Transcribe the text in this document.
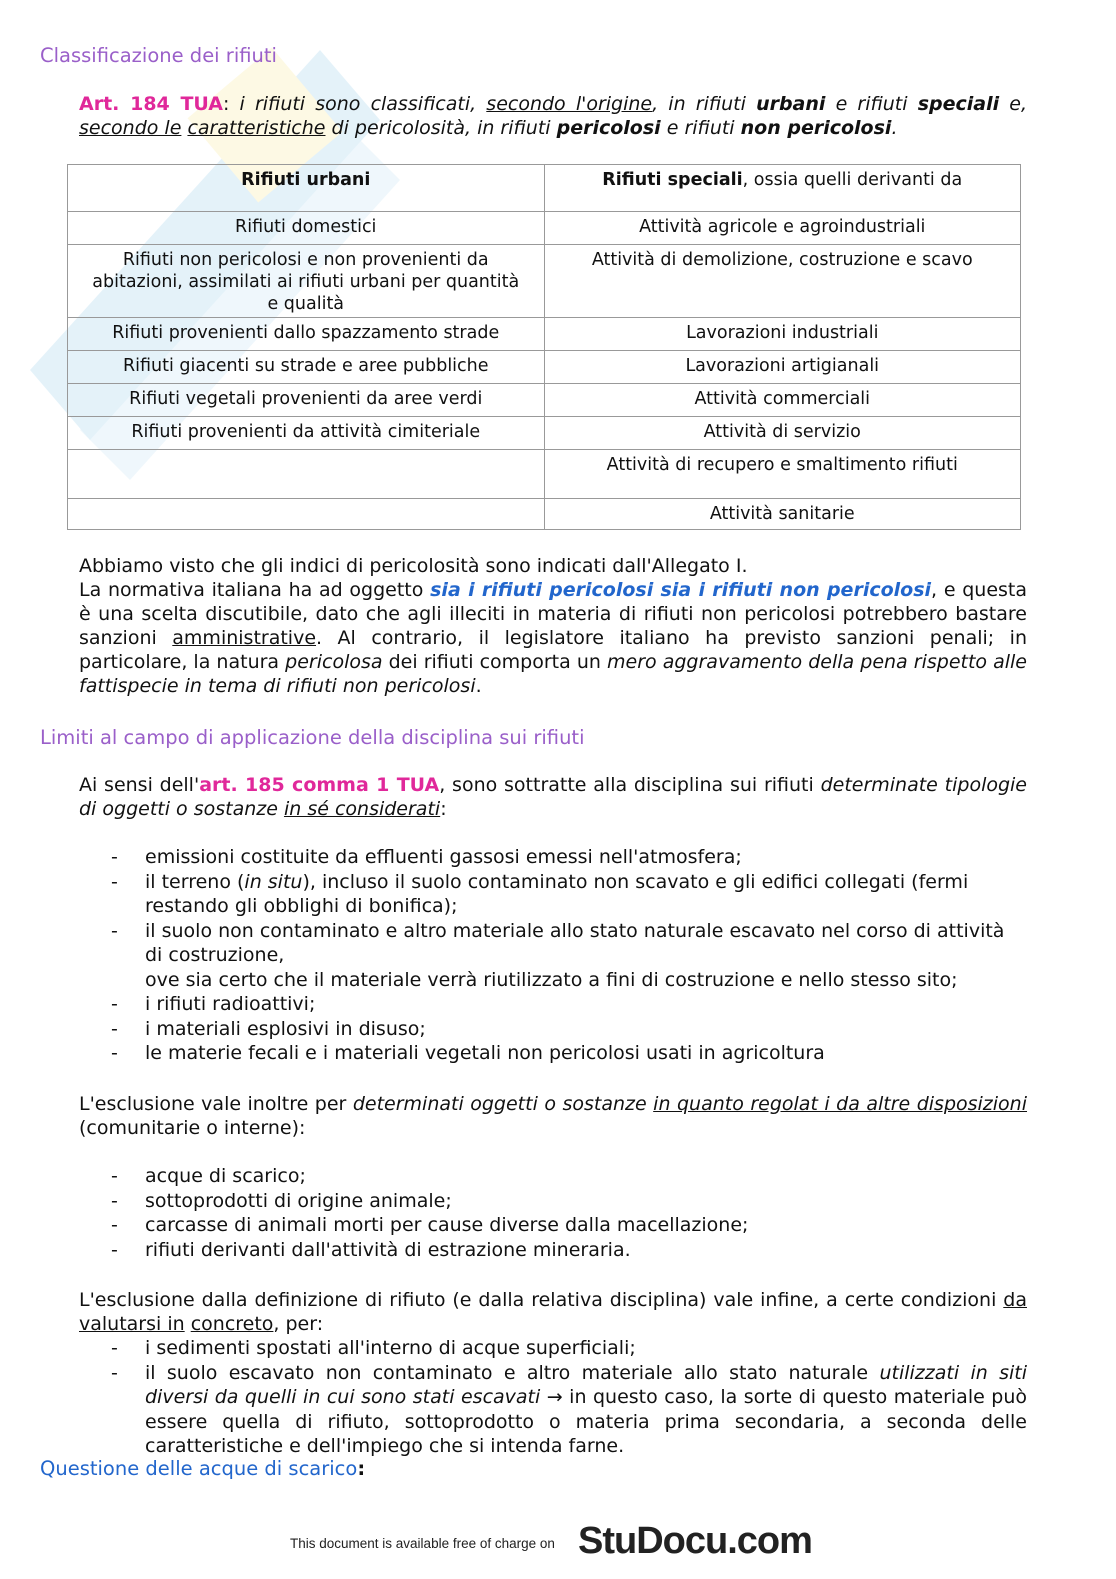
Classificazione dei rifiuti
Art. 184 TUA: i rifiuti sono classificati, secondo l'origine, in rifiuti urbani e rifiuti speciali e, secondo le caratteristiche di pericolosità, in rifiuti pericolosi e rifiuti non pericolosi.
Rifiuti urbani	Rifiuti speciali, ossia quelli derivanti da
Rifiuti domestici	Attività agricole e agroindustriali
Rifiuti non pericolosi e non provenienti da abitazioni, assimilati ai rifiuti urbani per quantità e qualità	Attività di demolizione, costruzione e scavo
Rifiuti provenienti dallo spazzamento strade	Lavorazioni industriali
Rifiuti giacenti su strade e aree pubbliche	Lavorazioni artigianali
Rifiuti vegetali provenienti da aree verdi	Attività commerciali
Rifiuti provenienti da attività cimiteriale	Attività di servizio
	Attività di recupero e smaltimento rifiuti
	Attività sanitarie
Abbiamo visto che gli indici di pericolosità sono indicati dall'Allegato I.
La normativa italiana ha ad oggetto sia i rifiuti pericolosi sia i rifiuti non pericolosi, e questa è una scelta discutibile, dato che agli illeciti in materia di rifiuti non pericolosi potrebbero bastare sanzioni amministrative. Al contrario, il legislatore italiano ha previsto sanzioni penali; in particolare, la natura pericolosa dei rifiuti comporta un mero aggravamento della pena rispetto alle fattispecie in tema di rifiuti non pericolosi.
Limiti al campo di applicazione della disciplina sui rifiuti
Ai sensi dell'art. 185 comma 1 TUA, sono sottratte alla disciplina sui rifiuti determinate tipologie di oggetti o sostanze in sé considerati:
- emissioni costituite da effluenti gassosi emessi nell'atmosfera;
- il terreno (in situ), incluso il suolo contaminato non scavato e gli edifici collegati (fermi restando gli obblighi di bonifica);
- il suolo non contaminato e altro materiale allo stato naturale escavato nel corso di attività di costruzione,
ove sia certo che il materiale verrà riutilizzato a fini di costruzione e nello stesso sito;
- i rifiuti radioattivi;
- i materiali esplosivi in disuso;
- le materie fecali e i materiali vegetali non pericolosi usati in agricoltura
L'esclusione vale inoltre per determinati oggetti o sostanze in quanto regolat i da altre disposizioni (comunitarie o interne):
- acque di scarico;
- sottoprodotti di origine animale;
- carcasse di animali morti per cause diverse dalla macellazione;
- rifiuti derivanti dall'attività di estrazione mineraria.
L'esclusione dalla definizione di rifiuto (e dalla relativa disciplina) vale infine, a certe condizioni da valutarsi in concreto, per:
- i sedimenti spostati all'interno di acque superficiali;
- il suolo escavato non contaminato e altro materiale allo stato naturale utilizzati in siti diversi da quelli in cui sono stati escavati → in questo caso, la sorte di questo materiale può essere quella di rifiuto, sottoprodotto o materia prima secondaria, a seconda delle caratteristiche e dell'impiego che si intenda farne.
Questione delle acque di scarico:
This document is available free of charge on StuDocu.com
